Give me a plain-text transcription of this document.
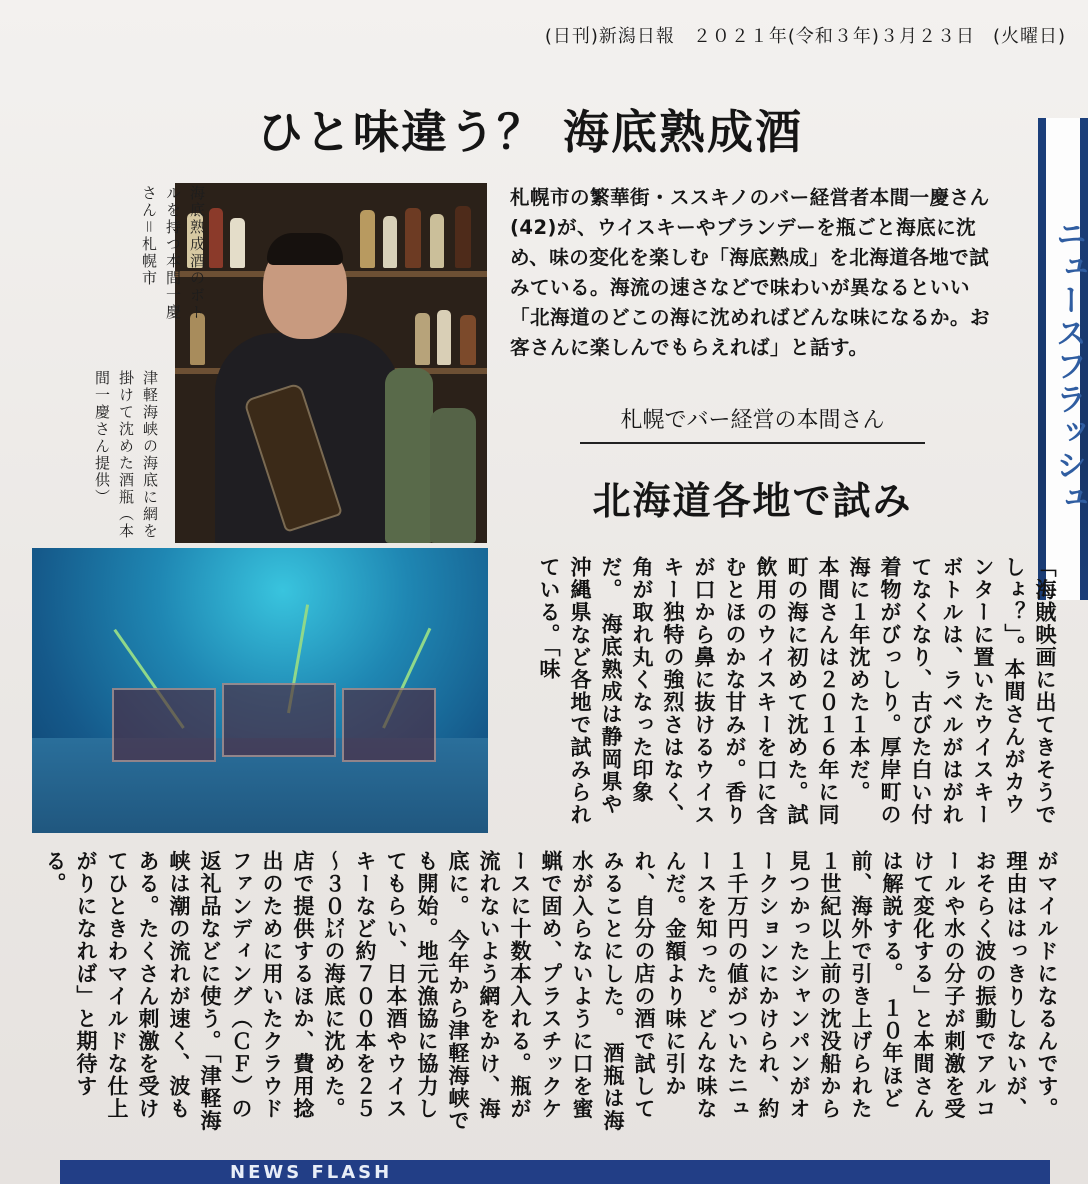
(日刊)新潟日報 ２０２１年(令和３年)３月２３日 (火曜日)
ひと味違う？ 海底熟成酒
海底熟成酒のボトルを持つ本間一慶さん＝札幌市
津軽海峡の海底に網を掛けて沈めた酒瓶（本間一慶さん提供）
札幌市の繁華街・ススキノのバー経営者本間一慶さん(42)が、ウイスキーやブランデーを瓶ごと海底に沈め、味の変化を楽しむ「海底熟成」を北海道各地で試みている。海流の速さなどで味わいが異なるといい「北海道のどこの海に沈めればどんな味になるか。お客さんに楽しんでもらえれば」と話す。
札幌でバー経営の本間さん
北海道各地で試み	ニュースフラッシュ
「海賊映画に出てきそうでしょ？」。本間さんがカウンターに置いたウイスキーボトルは、ラベルがはがれてなくなり、古びた白い付着物がびっしり。厚岸町の海に１年沈めた１本だ。　本間さんは２０１６年に同町の海に初めて沈めた。試飲用のウイスキーを口に含むとほのかな甘みが。香りが口から鼻に抜けるウイスキー独特の強烈さはなく、角が取れ丸くなった印象だ。　海底熟成は静岡県や沖縄県など各地で試みられている。「味
がマイルドになるんです。理由ははっきりしないが、おそらく波の振動でアルコールや水の分子が刺激を受けて変化する」と本間さんは解説する。　１０年ほど前、海外で引き上げられた１世紀以上前の沈没船から見つかったシャンパンがオークションにかけられ、約１千万円の値がついたニュースを知った。どんな味なんだ。金額より味に引かれ、自分の店の酒で試してみることにした。　酒瓶は海水が入らないように口を蜜蝋で固め、プラスチックケースに十数本入れる。瓶が流れないよう網をかけ、海底に。　今年から津軽海峡でも開始。地元漁協に協力してもらい、日本酒やウイスキーなど約７００本を２５～３０㍍の海底に沈めた。店で提供するほか、費用捻出のために用いたクラウドファンディング（ＣＦ）の返礼品などに使う。「津軽海峡は潮の流れが速く、波もある。たくさん刺激を受けてひときわマイルドな仕上がりになれば」と期待する。
NEWS FLASH
